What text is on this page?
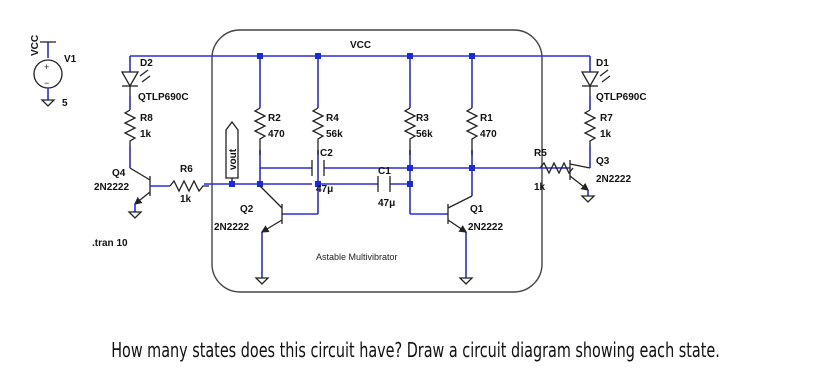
+
−
VCC
V1
5
VCC
D2
QTLP690C
R8
1k
Q4
2N2222
R6
1k
vout
R2
470
R4
56k
C2
47μ
C1
47μ
R3
56k
R1
470
Q2
2N2222
Q1
2N2222
Astable Multivibrator
.tran 10
D1
QTLP690C
R7
1k
R5
1k
Q3
2N2222
How many states does this circuit have? Draw a circuit diagram showing each state.
